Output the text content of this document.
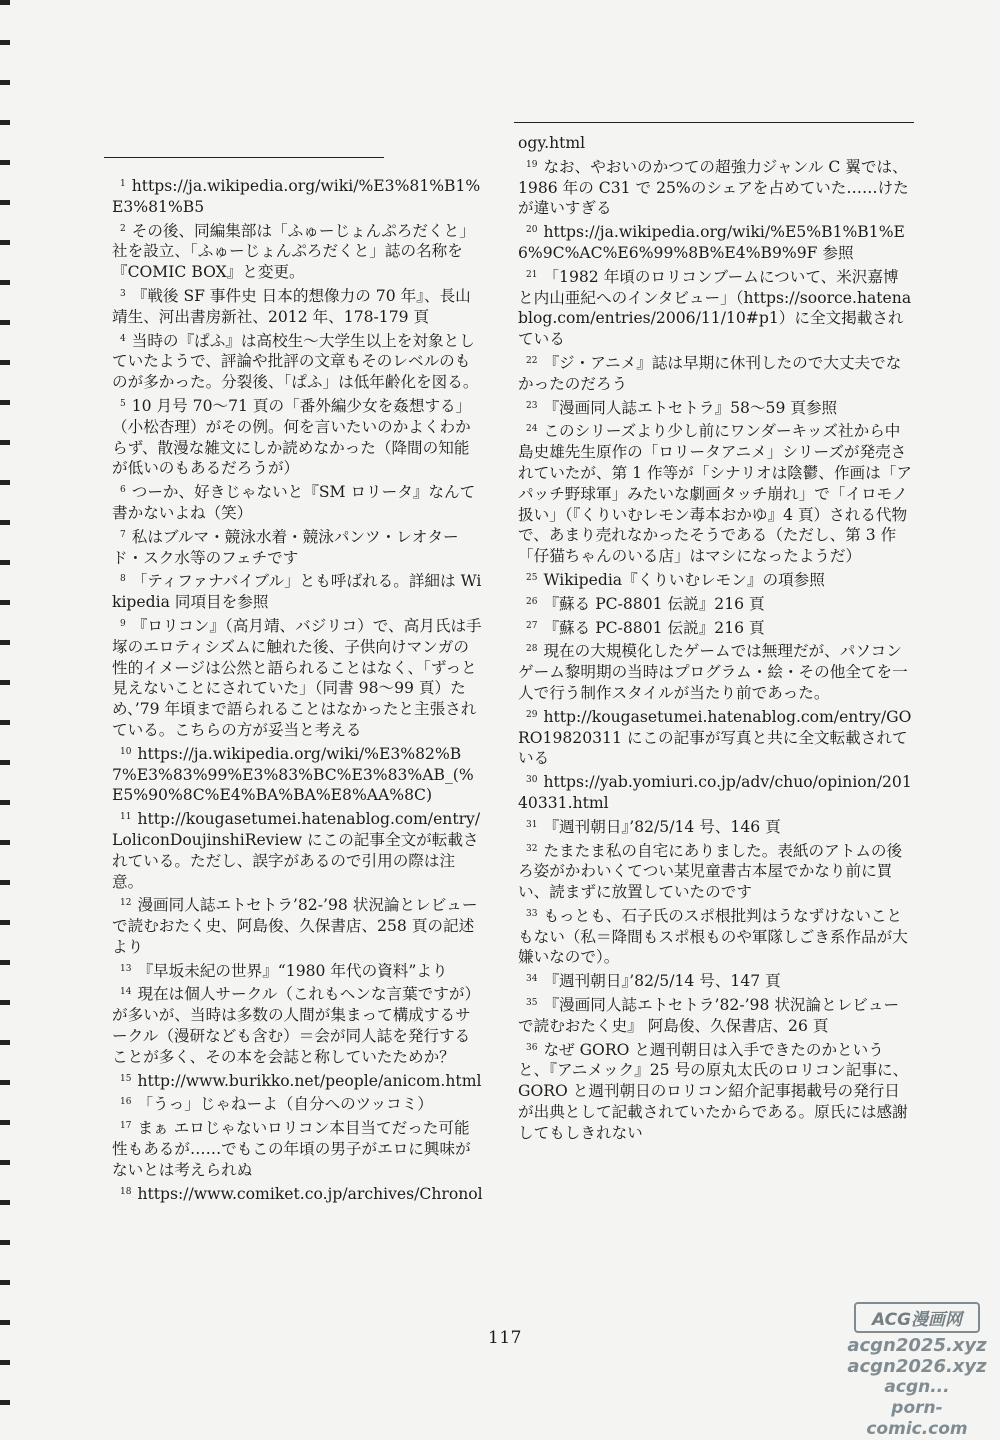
$^1$ https://ja.wikipedia.org/wiki/%E3%81%B1%E3%81%B5

$^2$ その後、同編集部は「ふゅーじょんぷろだくと」社を設立、「ふゅーじょんぷろだくと」誌の名称を『COMIC BOX』と変更。

$^3$ 『戦後 SF 事件史 日本的想像力の 70 年』、長山靖生、河出書房新社、2012 年、178-179 頁

$^4$ 当時の『ぱふ』は高校生～大学生以上を対象としていたようで、評論や批評の文章もそのレベルのものが多かった。分裂後、「ぱふ」は低年齢化を図る。

$^5$ 10 月号 70～71 頁の「番外編少女を姦想する」（小松杏理）がその例。何を言いたいのかよくわからず、散漫な雑文にしか読めなかった（降間の知能が低いのもあるだろうが）

$^6$ つーか、好きじゃないと『SM ロリータ』なんて書かないよね（笑）

$^7$ 私はブルマ・競泳水着・競泳パンツ・レオタード・スク水等のフェチです

$^8$ 「ティファナバイブル」とも呼ばれる。詳細は Wikipedia 同項目を参照

$^9$ 『ロリコン』（高月靖、バジリコ）で、高月氏は手塚のエロティシズムに触れた後、子供向けマンガの性的イメージは公然と語られることはなく、「ずっと見えないことにされていた」（同書 98～99 頁）ため、’79 年頃まで語られることはなかったと主張されている。こちらの方が妥当と考える

$^{10}$ https://ja.wikipedia.org/wiki/%E3%82%B7%E3%83%99%E3%83%BC%E3%83%AB_(%E5%90%8C%E4%BA%BA%E8%AA%8C)

$^{11}$ http://kougasetumei.hatenablog.com/entry/LoliconDoujinshiReview にこの記事全文が転載されている。ただし、誤字があるので引用の際は注意。

$^{12}$ 漫画同人誌エトセトラ’82-’98 状況論とレビューで読むおたく史、阿島俊、久保書店、258 頁の記述より

$^{13}$ 『早坂未紀の世界』“1980 年代の資料”より

$^{14}$ 現在は個人サークル（これもヘンな言葉ですが）が多いが、当時は多数の人間が集まって構成するサークル（漫研なども含む）＝会が同人誌を発行することが多く、その本を会誌と称していたためか？

$^{15}$ http://www.burikko.net/people/anicom.html

$^{16}$ 「うっ」じゃねーよ（自分へのツッコミ）

$^{17}$ まぁ エロじゃないロリコン本目当てだった可能性もあるが……でもこの年頃の男子がエロに興味がないとは考えられぬ

$^{18}$ https://www.comiket.co.jp/archives/Chronol

ogy.html

$^{19}$ なお、やおいのかつての超強力ジャンル C 翼では、1986 年の C31 で 25%のシェアを占めていた……けたが違いすぎる

$^{20}$ https://ja.wikipedia.org/wiki/%E5%B1%B1%E6%9C%AC%E6%99%8B%E4%B9%9F 参照

$^{21}$ 「1982 年頃のロリコンブームについて、米沢嘉博と内山亜紀へのインタビュー」（https://soorce.hatenablog.com/entries/2006/11/10#p1）に全文掲載されている

$^{22}$ 『ジ・アニメ』誌は早期に休刊したので大丈夫でなかったのだろう

$^{23}$ 『漫画同人誌エトセトラ』58～59 頁参照

$^{24}$ このシリーズより少し前にワンダーキッズ社から中島史雄先生原作の「ロリータアニメ」シリーズが発売されていたが、第 1 作等が「シナリオは陰鬱、作画は「アパッチ野球軍」みたいな劇画タッチ崩れ」で「イロモノ扱い」（『くりいむレモン毒本おかゆ』4 頁）される代物で、あまり売れなかったそうである（ただし、第 3 作「仔猫ちゃんのいる店」はマシになったようだ）

$^{25}$ Wikipedia『くりいむレモン』の項参照

$^{26}$ 『蘇る PC-8801 伝説』216 頁

$^{27}$ 『蘇る PC-8801 伝説』216 頁

$^{28}$ 現在の大規模化したゲームでは無理だが、パソコンゲーム黎明期の当時はプログラム・絵・その他全てを一人で行う制作スタイルが当たり前であった。

$^{29}$ http://kougasetumei.hatenablog.com/entry/GORO19820311 にこの記事が写真と共に全文転載されている

$^{30}$ https://yab.yomiuri.co.jp/adv/chuo/opinion/20140331.html

$^{31}$ 『週刊朝日』’82/5/14 号、146 頁

$^{32}$ たまたま私の自宅にありました。表紙のアトムの後ろ姿がかわいくてつい某児童書古本屋でかなり前に買い、読まずに放置していたのです

$^{33}$ もっとも、石子氏のスポ根批判はうなずけないこともない（私＝降間もスポ根ものや軍隊しごき系作品が大嫌いなので）。

$^{34}$ 『週刊朝日』’82/5/14 号、147 頁

$^{35}$ 『漫画同人誌エトセトラ’82-’98 状況論とレビューで読むおたく史』 阿島俊、久保書店、26 頁

$^{36}$ なぜ GORO と週刊朝日は入手できたのかというと、『アニメック』25 号の原丸太氏のロリコン記事に、GORO と週刊朝日のロリコン紹介記事掲載号の発行日が出典として記載されていたからである。原氏には感謝してもしきれない

117
ACG漫画网
acgn2025.xyz
acgn2026.xyz
acgn...
porn-comic.com
